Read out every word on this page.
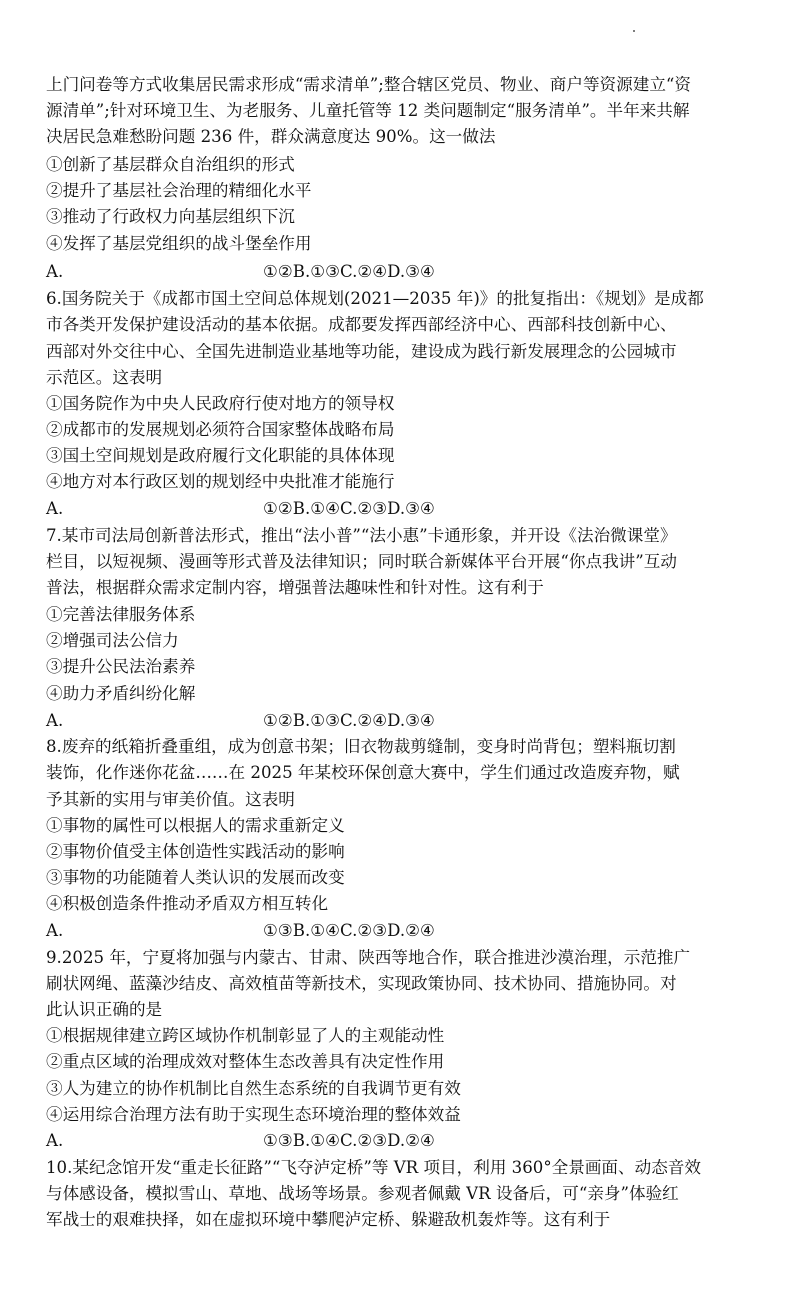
上门问卷等方式收集居民需求形成“需求清单”;整合辖区党员、物业、商户等资源建立“资
源清单”;针对环境卫生、为老服务、儿童托管等 12 类问题制定“服务清单”。半年来共解
决居民急难愁盼问题 236 件，群众满意度达 90%。这一做法
①创新了基层群众自治组织的形式
②提升了基层社会治理的精细化水平
③推动了行政权力向基层组织下沉
④发挥了基层党组织的战斗堡垒作用
A.	①②B.①③C.②④D.③④
6.国务院关于《成都市国土空间总体规划(2021—2035 年)》的批复指出：《规划》是成都
市各类开发保护建设活动的基本依据。成都要发挥西部经济中心、西部科技创新中心、
西部对外交往中心、全国先进制造业基地等功能，建设成为践行新发展理念的公园城市
示范区。这表明
①国务院作为中央人民政府行使对地方的领导权
②成都市的发展规划必须符合国家整体战略布局
③国土空间规划是政府履行文化职能的具体体现
④地方对本行政区划的规划经中央批准才能施行
A.	①②B.①④C.②③D.③④
7.某市司法局创新普法形式，推出“法小普”“法小惠”卡通形象，并开设《法治微课堂》
栏目，以短视频、漫画等形式普及法律知识；同时联合新媒体平台开展“你点我讲”互动
普法，根据群众需求定制内容，增强普法趣味性和针对性。这有利于
①完善法律服务体系
②增强司法公信力
③提升公民法治素养
④助力矛盾纠纷化解
A.	①②B.①③C.②④D.③④
8.废弃的纸箱折叠重组，成为创意书架；旧衣物裁剪缝制，变身时尚背包；塑料瓶切割
装饰，化作迷你花盆……在 2025 年某校环保创意大赛中，学生们通过改造废弃物，赋
予其新的实用与审美价值。这表明
①事物的属性可以根据人的需求重新定义
②事物价值受主体创造性实践活动的影响
③事物的功能随着人类认识的发展而改变
④积极创造条件推动矛盾双方相互转化
A.	①③B.①④C.②③D.②④
9.2025 年，宁夏将加强与内蒙古、甘肃、陕西等地合作，联合推进沙漠治理，示范推广
刷状网绳、蓝藻沙结皮、高效植苗等新技术，实现政策协同、技术协同、措施协同。对
此认识正确的是
①根据规律建立跨区域协作机制彰显了人的主观能动性
②重点区域的治理成效对整体生态改善具有决定性作用
③人为建立的协作机制比自然生态系统的自我调节更有效
④运用综合治理方法有助于实现生态环境治理的整体效益
A.	①③B.①④C.②③D.②④
10.某纪念馆开发“重走长征路”“飞夺泸定桥”等 VR 项目，利用 360°全景画面、动态音效
与体感设备，模拟雪山、草地、战场等场景。参观者佩戴 VR 设备后，可“亲身”体验红
军战士的艰难抉择，如在虚拟环境中攀爬泸定桥、躲避敌机轰炸等。这有利于
